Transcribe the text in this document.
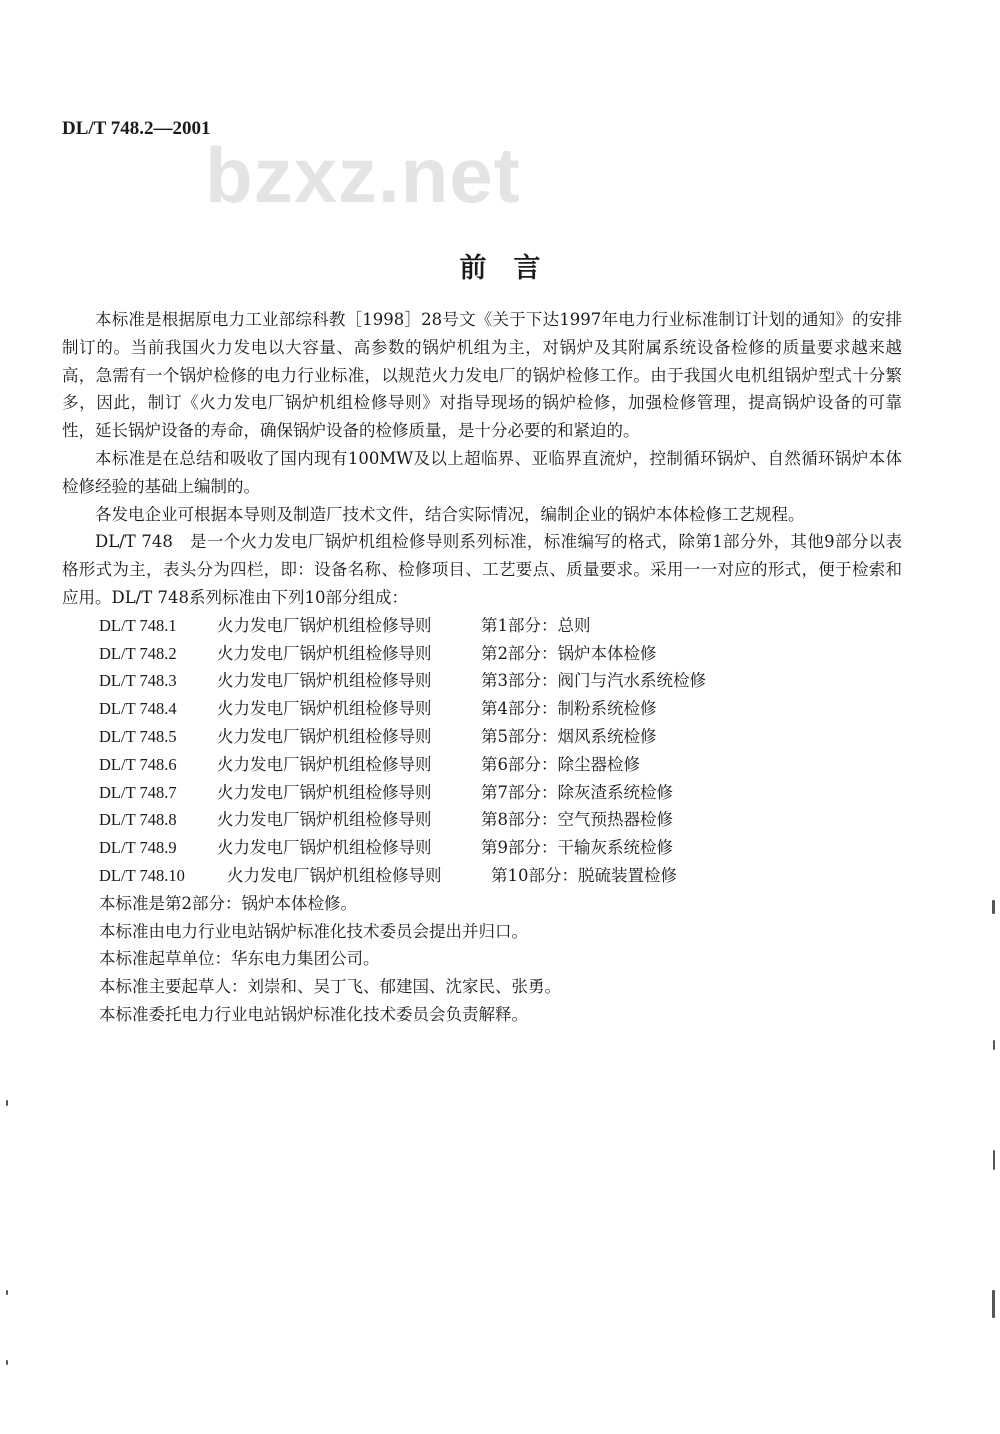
DL/T 748.2—2001
bzxz.net
前　言

本标准是根据原电力工业部综科教［1998］28号文《关于下达1997年电力行业标准制订计划的通知》的安排制订的。当前我国火力发电以大容量、高参数的锅炉机组为主，对锅炉及其附属系统设备检修的质量要求越来越高，急需有一个锅炉检修的电力行业标准，以规范火力发电厂的锅炉检修工作。由于我国火电机组锅炉型式十分繁多，因此，制订《火力发电厂锅炉机组检修导则》对指导现场的锅炉检修，加强检修管理，提高锅炉设备的可靠性，延长锅炉设备的寿命，确保锅炉设备的检修质量，是十分必要的和紧迫的。

本标准是在总结和吸收了国内现有100MW及以上超临界、亚临界直流炉，控制循环锅炉、自然循环锅炉本体检修经验的基础上编制的。

各发电企业可根据本导则及制造厂技术文件，结合实际情况，编制企业的锅炉本体检修工艺规程。

DL/T 748　是一个火力发电厂锅炉机组检修导则系列标准，标准编写的格式，除第1部分外，其他9部分以表格形式为主，表头分为四栏，即：设备名称、检修项目、工艺要点、质量要求。采用一一对应的形式，便于检索和应用。DL/T 748系列标准由下列10部分组成：

DL/T 748.1	火力发电厂锅炉机组检修导则	第1部分：总则
DL/T 748.2	火力发电厂锅炉机组检修导则	第2部分：锅炉本体检修
DL/T 748.3	火力发电厂锅炉机组检修导则	第3部分：阀门与汽水系统检修
DL/T 748.4	火力发电厂锅炉机组检修导则	第4部分：制粉系统检修
DL/T 748.5	火力发电厂锅炉机组检修导则	第5部分：烟风系统检修
DL/T 748.6	火力发电厂锅炉机组检修导则	第6部分：除尘器检修
DL/T 748.7	火力发电厂锅炉机组检修导则	第7部分：除灰渣系统检修
DL/T 748.8	火力发电厂锅炉机组检修导则	第8部分：空气预热器检修
DL/T 748.9	火力发电厂锅炉机组检修导则	第9部分：干输灰系统检修
DL/T 748.10	火力发电厂锅炉机组检修导则	第10部分：脱硫装置检修

本标准是第2部分：锅炉本体检修。

本标准由电力行业电站锅炉标准化技术委员会提出并归口。

本标准起草单位：华东电力集团公司。

本标准主要起草人：刘崇和、吴丁飞、郁建国、沈家民、张勇。

本标准委托电力行业电站锅炉标准化技术委员会负责解释。
